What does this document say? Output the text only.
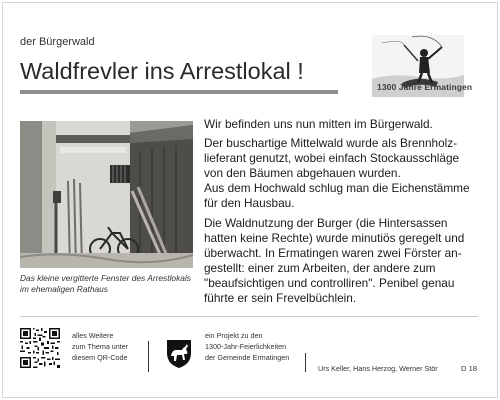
der Bürgerwald
Waldfrevler ins Arrestlokal !
1300 Jahre Ermatingen
Das kleine vergitterte Fenster des Arrestlokals
im ehemaligen Rathaus

Wir befinden uns nun mitten im Bürgerwald.

Der buschartige Mittelwald wurde als Brennholz-
lieferant genutzt, wobei einfach Stockausschläge
von den Bäumen abgehauen wurden.
Aus dem Hochwald schlug man die Eichenstämme
für den Hausbau.

Die Waldnutzung der Burger (die Hintersassen
hatten keine Rechte) wurde minutiös geregelt und
überwacht. In Ermatingen waren zwei Förster an-
gestellt: einer zum Arbeiten, der andere zum
"beaufsichtigen und controlliren". Penibel genau
führte er sein Frevelbüchlein.

alles Weitere
zum Thema unter
diesem QR-Code
ein Projekt zu den
1300-Jahr-Feierlichkeiten
der Gemeinde Ermatingen
Urs Keller, Hans Herzog, Werner Stör	D 18
